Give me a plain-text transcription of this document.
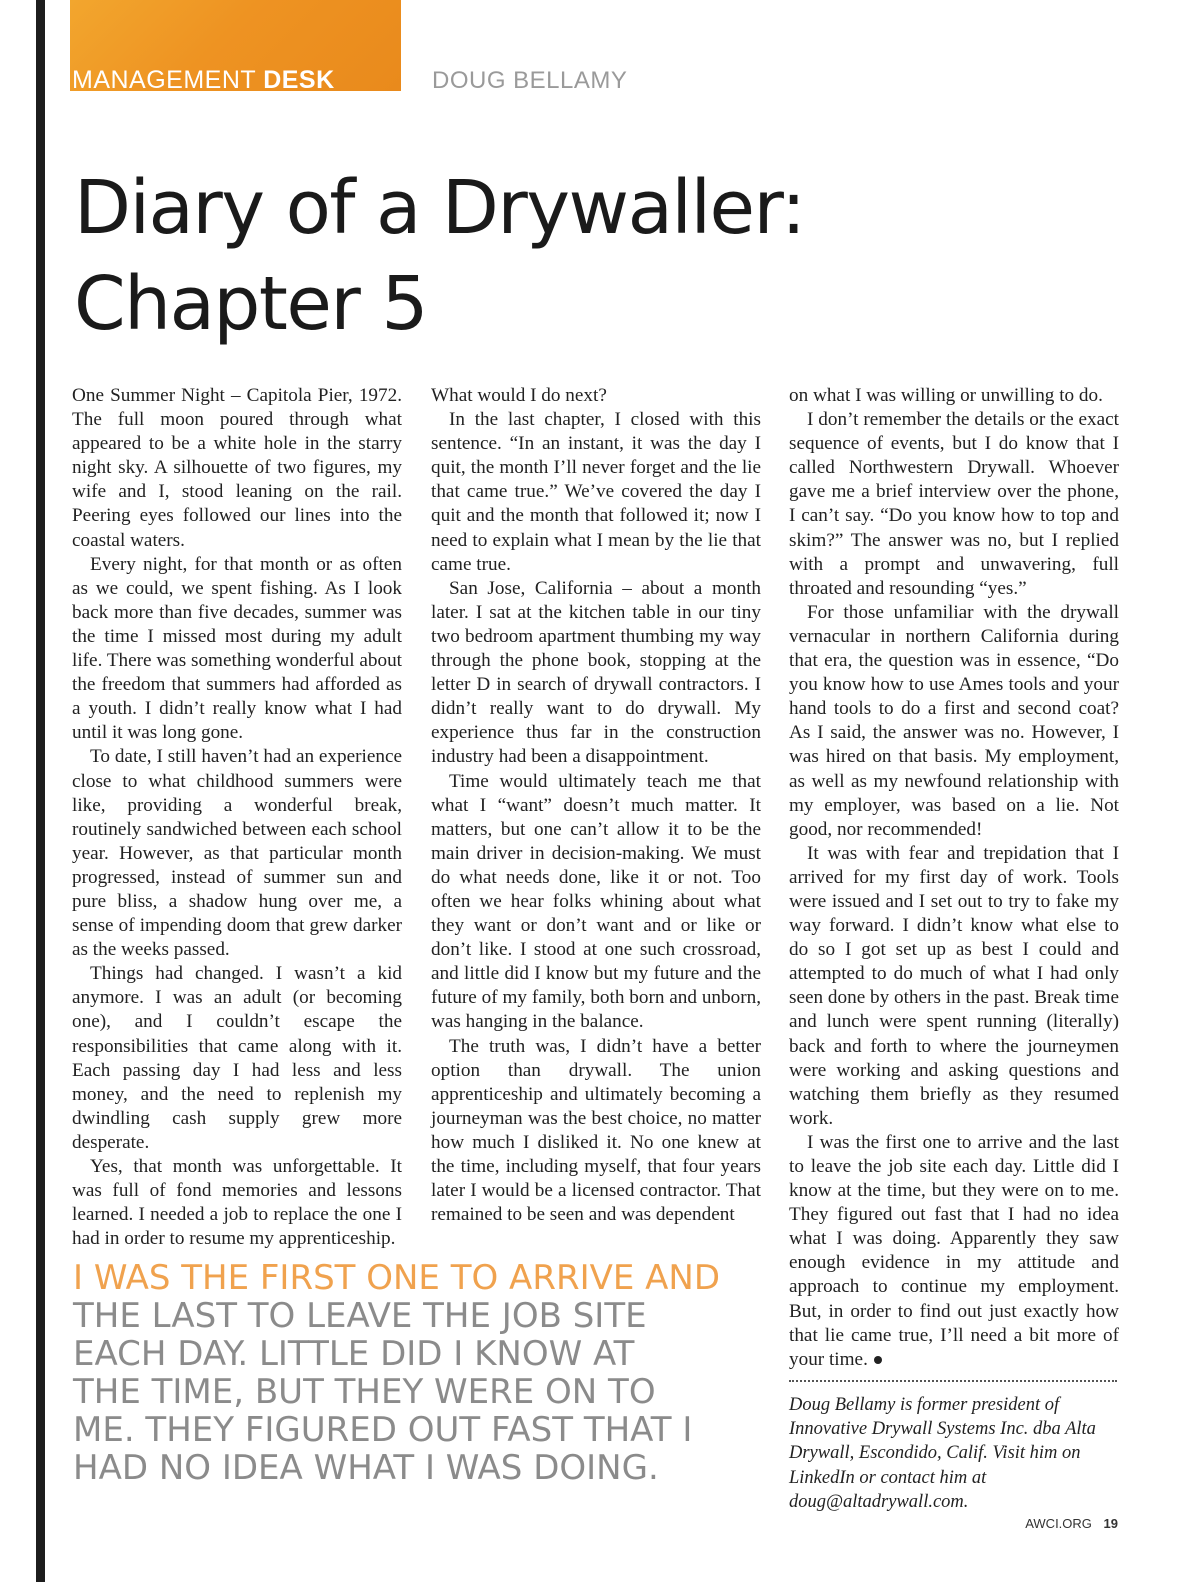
MANAGEMENT DESK	DOUG BELLAMY
Diary of a Drywaller:
Chapter 5

One Summer Night – Capitola Pier, 1972. The full moon poured through what appeared to be a white hole in the starry night sky. A silhouette of two figures, my wife and I, stood leaning on the rail. Peering eyes followed our lines into the coastal waters.

Every night, for that month or as often as we could, we spent fishing. As I look back more than five decades, summer was the time I missed most during my adult life. There was something wonderful about the freedom that summers had afforded as a youth. I didn’t really know what I had until it was long gone.

To date, I still haven’t had an experience close to what childhood summers were like, providing a wonderful break, routinely sandwiched between each school year. However, as that particular month progressed, instead of summer sun and pure bliss, a shadow hung over me, a sense of impending doom that grew darker as the weeks passed.

Things had changed. I wasn’t a kid anymore. I was an adult (or becoming one), and I couldn’t escape the responsibilities that came along with it. Each passing day I had less and less money, and the need to replenish my dwindling cash supply grew more desperate.

Yes, that month was unforgettable. It was full of fond memories and lessons learned. I needed a job to replace the one I had in order to resume my apprenticeship.

What would I do next?

In the last chapter, I closed with this sentence. “In an instant, it was the day I quit, the month I’ll never forget and the lie that came true.” We’ve covered the day I quit and the month that followed it; now I need to explain what I mean by the lie that came true.

San Jose, California – about a month later. I sat at the kitchen table in our tiny two bedroom apartment thumbing my way through the phone book, stopping at the letter D in search of drywall contractors. I didn’t really want to do drywall. My experience thus far in the construction industry had been a disappointment.

Time would ultimately teach me that what I “want” doesn’t much matter. It matters, but one can’t allow it to be the main driver in decision-making. We must do what needs done, like it or not. Too often we hear folks whining about what they want or don’t want and or like or don’t like. I stood at one such crossroad, and little did I know but my future and the future of my family, both born and unborn, was hanging in the balance.

The truth was, I didn’t have a better option than drywall. The union apprenticeship and ultimately becoming a journeyman was the best choice, no matter how much I disliked it. No one knew at the time, including myself, that four years later I would be a licensed contractor. That remained to be seen and was dependent

on what I was willing or unwilling to do.

I don’t remember the details or the exact sequence of events, but I do know that I called Northwestern Drywall. Whoever gave me a brief interview over the phone, I can’t say. “Do you know how to top and skim?” The answer was no, but I replied with a prompt and unwavering, full throated and resounding “yes.”

For those unfamiliar with the drywall vernacular in northern California during that era, the question was in essence, “Do you know how to use Ames tools and your hand tools to do a first and second coat? As I said, the answer was no. However, I was hired on that basis. My employment, as well as my newfound relationship with my employer, was based on a lie. Not good, nor recommended!

It was with fear and trepidation that I arrived for my first day of work. Tools were issued and I set out to try to fake my way forward. I didn’t know what else to do so I got set up as best I could and attempted to do much of what I had only seen done by others in the past. Break time and lunch were spent running (literally) back and forth to where the journeymen were working and asking questions and watching them briefly as they resumed work.

I was the first one to arrive and the last to leave the job site each day. Little did I know at the time, but they were on to me. They figured out fast that I had no idea what I was doing. Apparently they saw enough evidence in my attitude and approach to continue my employment. But, in order to find out just exactly how that lie came true, I’ll need a bit more of your time.

I WAS THE FIRST ONE TO ARRIVE AND
THE LAST TO LEAVE THE JOB SITE
EACH DAY. LITTLE DID I KNOW AT
THE TIME, BUT THEY WERE ON TO
ME. THEY FIGURED OUT FAST THAT I
HAD NO IDEA WHAT I WAS DOING.
Doug Bellamy is former president of Innovative Drywall Systems Inc. dba Alta Drywall, Escondido, Calif. Visit him on LinkedIn or contact him at doug@altadrywall.com.
AWCI.ORG 19
